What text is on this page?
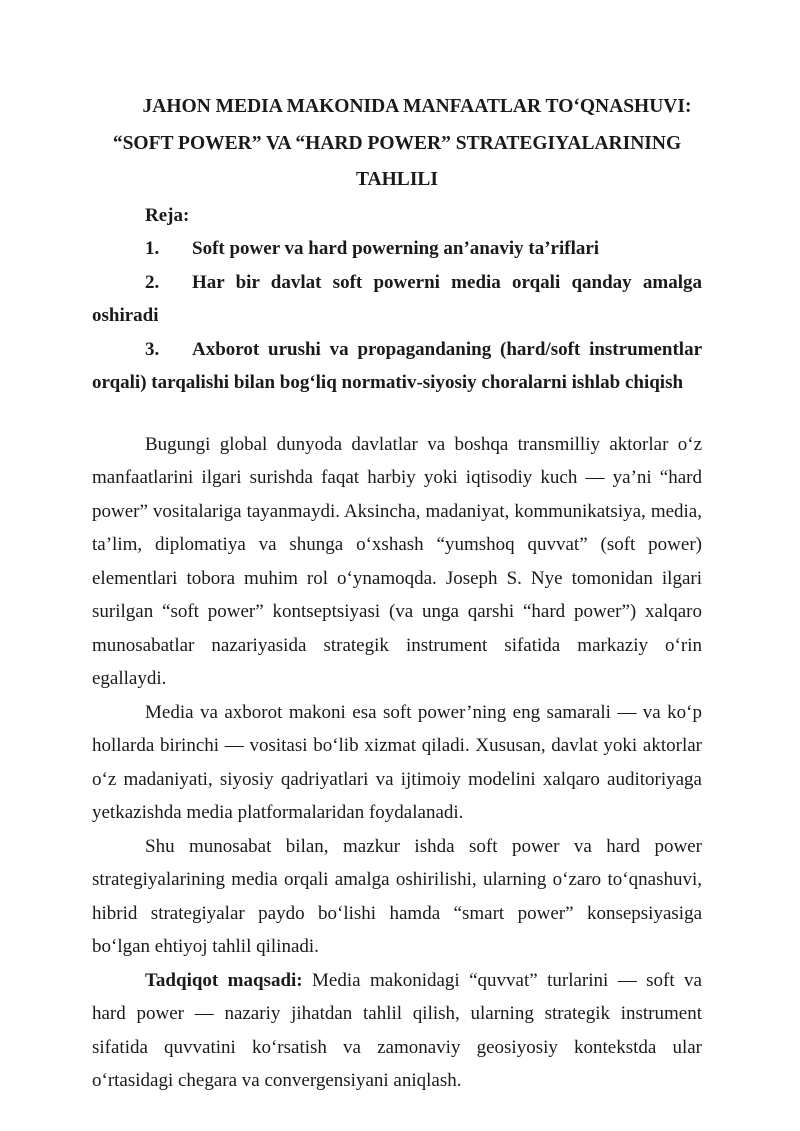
JAHON MEDIA MAKONIDA MANFAATLAR TO‘QNASHUVI:
“SOFT POWER” VA “HARD POWER” STRATEGIYALARINING
TAHLILI

Reja:

1. Soft power va hard powerning an’anaviy ta’riflari

2. Har bir davlat soft powerni media orqali qanday amalga oshiradi

3. Axborot urushi va propagandaning (hard/soft instrumentlar orqali) tarqalishi bilan bog‘liq normativ-siyosiy choralarni ishlab chiqish

Bugungi global dunyoda davlatlar va boshqa transmilliy aktorlar o‘z manfaatlarini ilgari surishda faqat harbiy yoki iqtisodiy kuch — ya’ni “hard power” vositalariga tayanmaydi. Aksincha, madaniyat, kommunikatsiya, media, ta’lim, diplomatiya va shunga o‘xshash “yumshoq quvvat” (soft power) elementlari tobora muhim rol o‘ynamoqda. Joseph S. Nye tomonidan ilgari surilgan “soft power” kontseptsiyasi (va unga qarshi “hard power”) xalqaro munosabatlar nazariyasida strategik instrument sifatida markaziy o‘rin egallaydi.

Media va axborot makoni esa soft power’ning eng samarali — va ko‘p hollarda birinchi — vositasi bo‘lib xizmat qiladi. Xususan, davlat yoki aktorlar o‘z madaniyati, siyosiy qadriyatlari va ijtimoiy modelini xalqaro auditoriyaga yetkazishda media platformalaridan foydalanadi.

Shu munosabat bilan, mazkur ishda soft power va hard power strategiyalarining media orqali amalga oshirilishi, ularning o‘zaro to‘qnashuvi, hibrid strategiyalar paydo bo‘lishi hamda “smart power” konsepsiyasiga bo‘lgan ehtiyoj tahlil qilinadi.

Tadqiqot maqsadi: Media makonidagi “quvvat” turlarini — soft va hard power — nazariy jihatdan tahlil qilish, ularning strategik instrument sifatida quvvatini ko‘rsatish va zamonaviy geosiyosiy kontekstda ular o‘rtasidagi chegara va convergensiyani aniqlash.
